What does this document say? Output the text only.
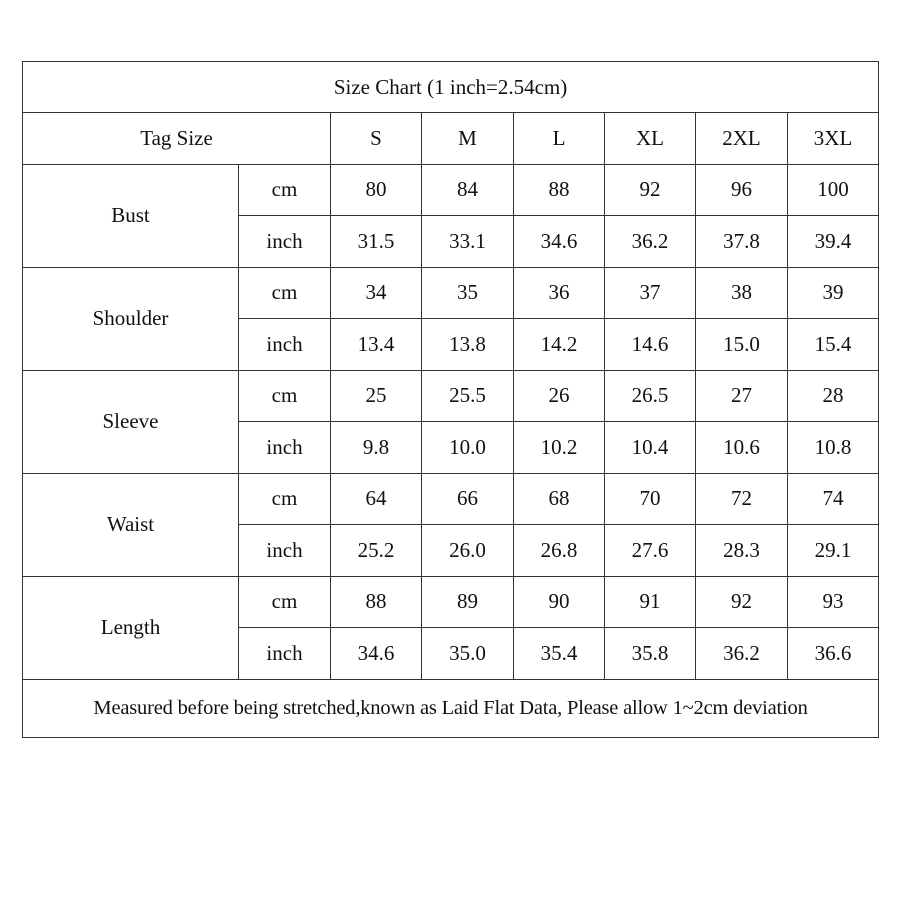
Size Chart (1 inch=2.54cm)							
Tag Size		S	M	L	XL	2XL	3XL
Bust	cm	80	84	88	92	96	100
	inch	31.5	33.1	34.6	36.2	37.8	39.4
Shoulder	cm	34	35	36	37	38	39
	inch	13.4	13.8	14.2	14.6	15.0	15.4
Sleeve	cm	25	25.5	26	26.5	27	28
	inch	9.8	10.0	10.2	10.4	10.6	10.8
Waist	cm	64	66	68	70	72	74
	inch	25.2	26.0	26.8	27.6	28.3	29.1
Length	cm	88	89	90	91	92	93
	inch	34.6	35.0	35.4	35.8	36.2	36.6
Measured before being stretched,known as Laid Flat Data, Please allow 1~2cm deviation							
